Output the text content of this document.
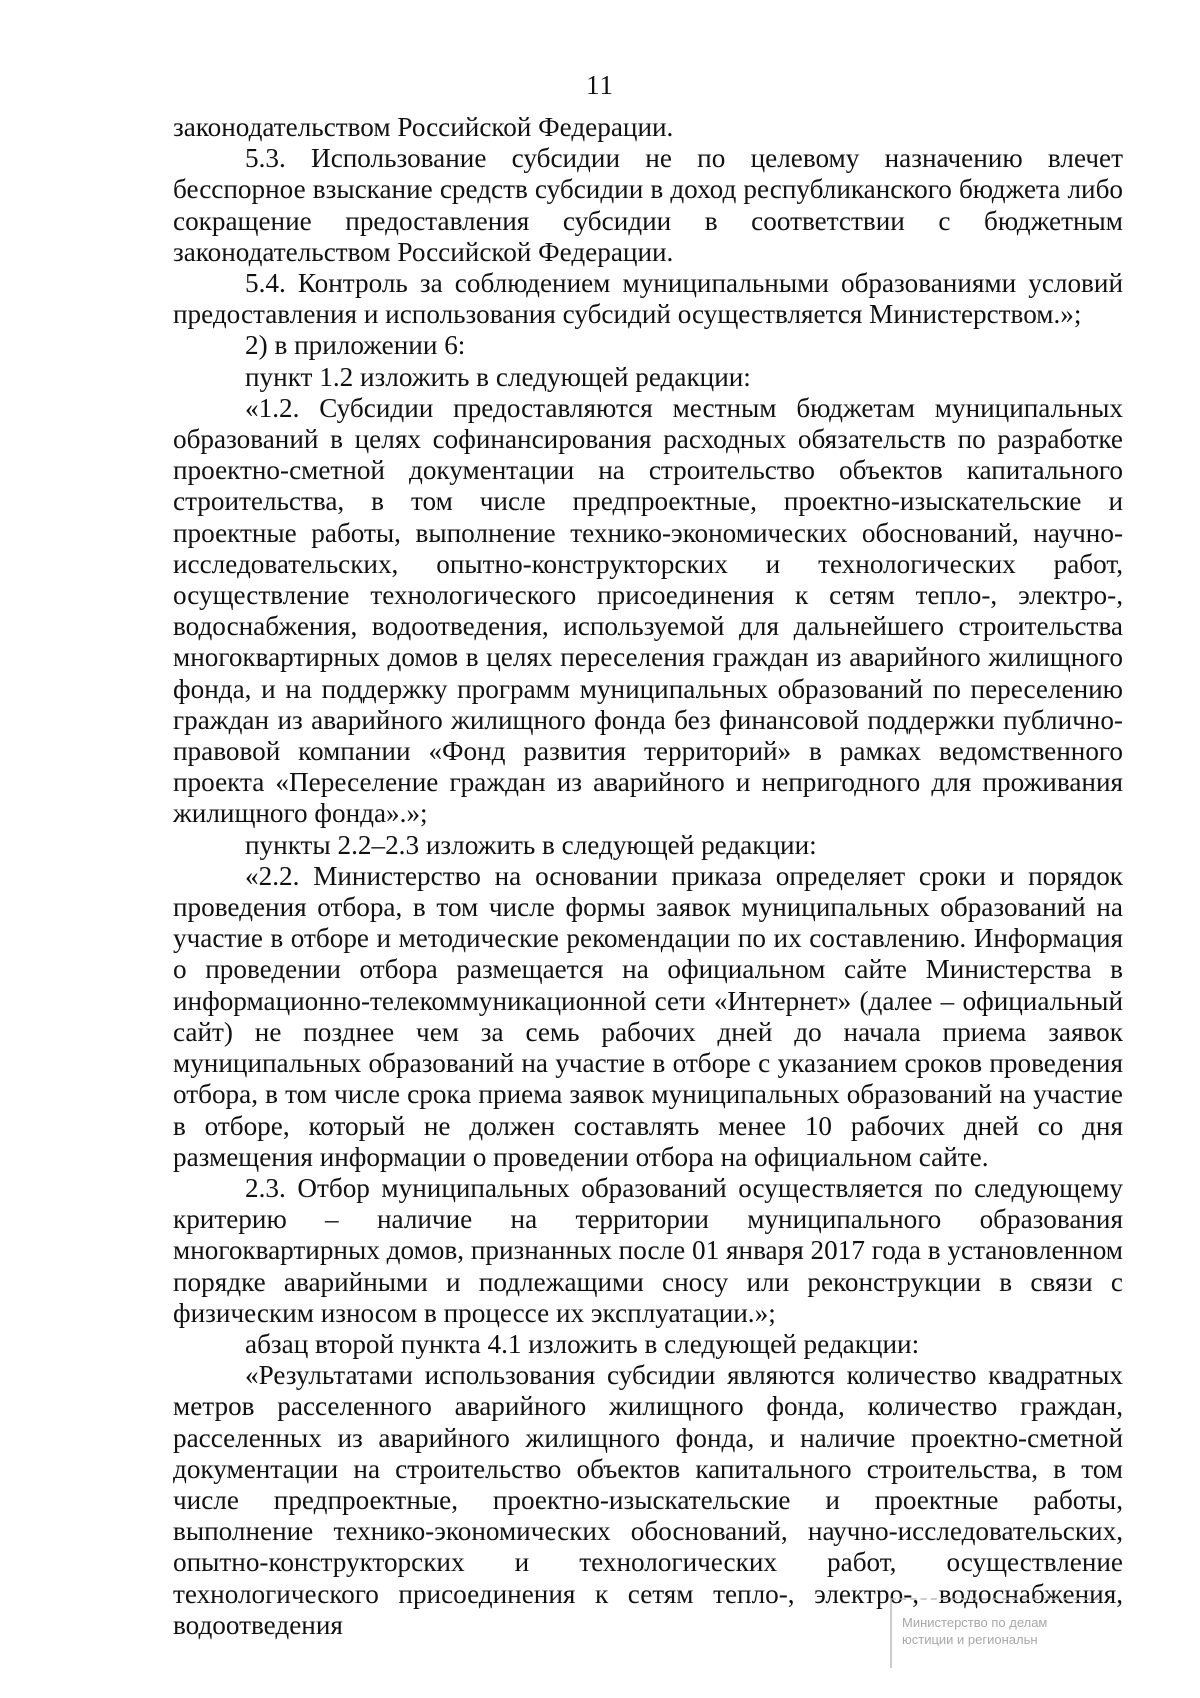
11

законодательством Российской Федерации.

5.3. Использование субсидии не по целевому назначению влечет бесспорное взыскание средств субсидии в доход республиканского бюджета либо сокращение предоставления субсидии в соответствии с бюджетным законодательством Российской Федерации.

5.4. Контроль за соблюдением муниципальными образованиями условий предоставления и использования субсидий осуществляется Министерством.»;

2) в приложении 6:

пункт 1.2 изложить в следующей редакции:

«1.2. Субсидии предоставляются местным бюджетам муниципальных образований в целях софинансирования расходных обязательств по разработке проектно-сметной документации на строительство объектов капитального строительства, в том числе предпроектные, проектно-изыскательские и проектные работы, выполнение технико-экономических обоснований, научно-исследовательских, опытно-конструкторских и технологических работ, осуществление технологического присоединения к сетям тепло-, электро-, водоснабжения, водоотведения, используемой для дальнейшего строительства многоквартирных домов в целях переселения граждан из аварийного жилищного фонда, и на поддержку программ муниципальных образований по переселению граждан из аварийного жилищного фонда без финансовой поддержки публично-правовой компании «Фонд развития территорий» в рамках ведомственного проекта «Переселение граждан из аварийного и непригодного для проживания жилищного фонда».»;

пункты 2.2–2.3 изложить в следующей редакции:

«2.2. Министерство на основании приказа определяет сроки и порядок проведения отбора, в том числе формы заявок муниципальных образований на участие в отборе и методические рекомендации по их составлению. Информация о проведении отбора размещается на официальном сайте Министерства в информационно-телекоммуникационной сети «Интернет» (далее – официальный сайт) не позднее чем за семь рабочих дней до начала приема заявок муниципальных образований на участие в отборе с указанием сроков проведения отбора, в том числе срока приема заявок муниципальных образований на участие в отборе, который не должен составлять менее 10 рабочих дней со дня размещения информации о проведении отбора на официальном сайте.

2.3. Отбор муниципальных образований осуществляется по следующему критерию – наличие на территории муниципального образования многоквартирных домов, признанных после 01 января 2017 года в установленном порядке аварийными и подлежащими сносу или реконструкции в связи с физическим износом в процессе их эксплуатации.»;

абзац второй пункта 4.1 изложить в следующей редакции:

«Результатами использования субсидии являются количество квадратных метров расселенного аварийного жилищного фонда, количество граждан, расселенных из аварийного жилищного фонда, и наличие проектно-сметной документации на строительство объектов капитального строительства, в том числе предпроектные, проектно-изыскательские и проектные работы, выполнение технико-экономических обоснований, научно-исследовательских, опытно-конструкторских и технологических работ, осуществление технологического присоединения к сетям тепло-, электро-, водоснабжения, водоотведения	Министерство по делам
юстиции и региональн
